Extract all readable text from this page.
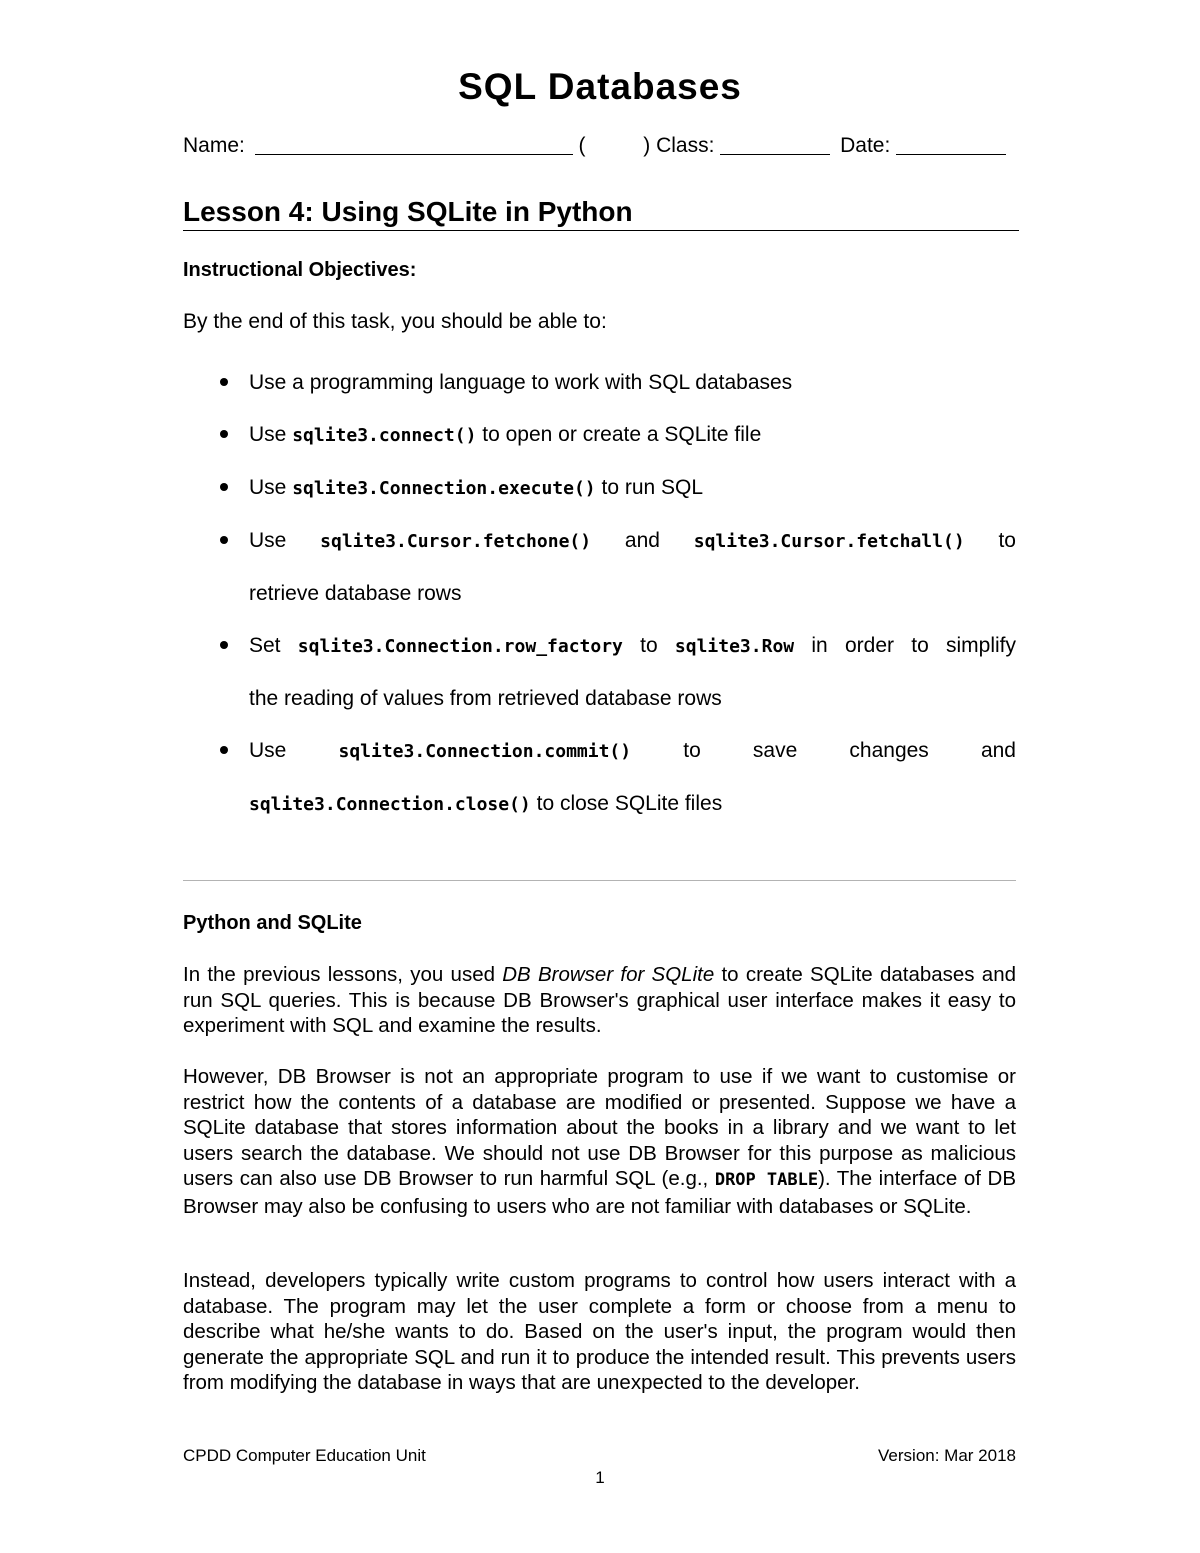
SQL Databases
Name:	(	) Class:	Date:
Lesson 4: Using SQLite in Python
Instructional Objectives:
By the end of this task, you should be able to:
Use a programming language to work with SQL databases
Use sqlite3.connect() to open or create a SQLite file
Use sqlite3.Connection.execute() to run SQL
Use sqlite3.Cursor.fetchone() and sqlite3.Cursor.fetchall() to
retrieve database rows
Set sqlite3.Connection.row_factory to sqlite3.Row in order to simplify
the reading of values from retrieved database rows
Use	sqlite3.Connection.commit() to save changes and
sqlite3.Connection.close() to close SQLite files
Python and SQLite
In the previous lessons, you used DB Browser for SQLite to create SQLite databases and run SQL queries. This is because DB Browser's graphical user interface makes it easy to experiment with SQL and examine the results.
However, DB Browser is not an appropriate program to use if we want to customise or restrict how the contents of a database are modified or presented. Suppose we have a SQLite database that stores information about the books in a library and we want to let users search the database. We should not use DB Browser for this purpose as malicious users can also use DB Browser to run harmful SQL (e.g., DROP TABLE). The interface of DB Browser may also be confusing to users who are not familiar with databases or SQLite.
Instead, developers typically write custom programs to control how users interact with a database. The program may let the user complete a form or choose from a menu to describe what he/she wants to do. Based on the user's input, the program would then generate the appropriate SQL and run it to produce the intended result. This prevents users from modifying the database in ways that are unexpected to the developer.
CPDD Computer Education Unit	Version: Mar 2018
1
